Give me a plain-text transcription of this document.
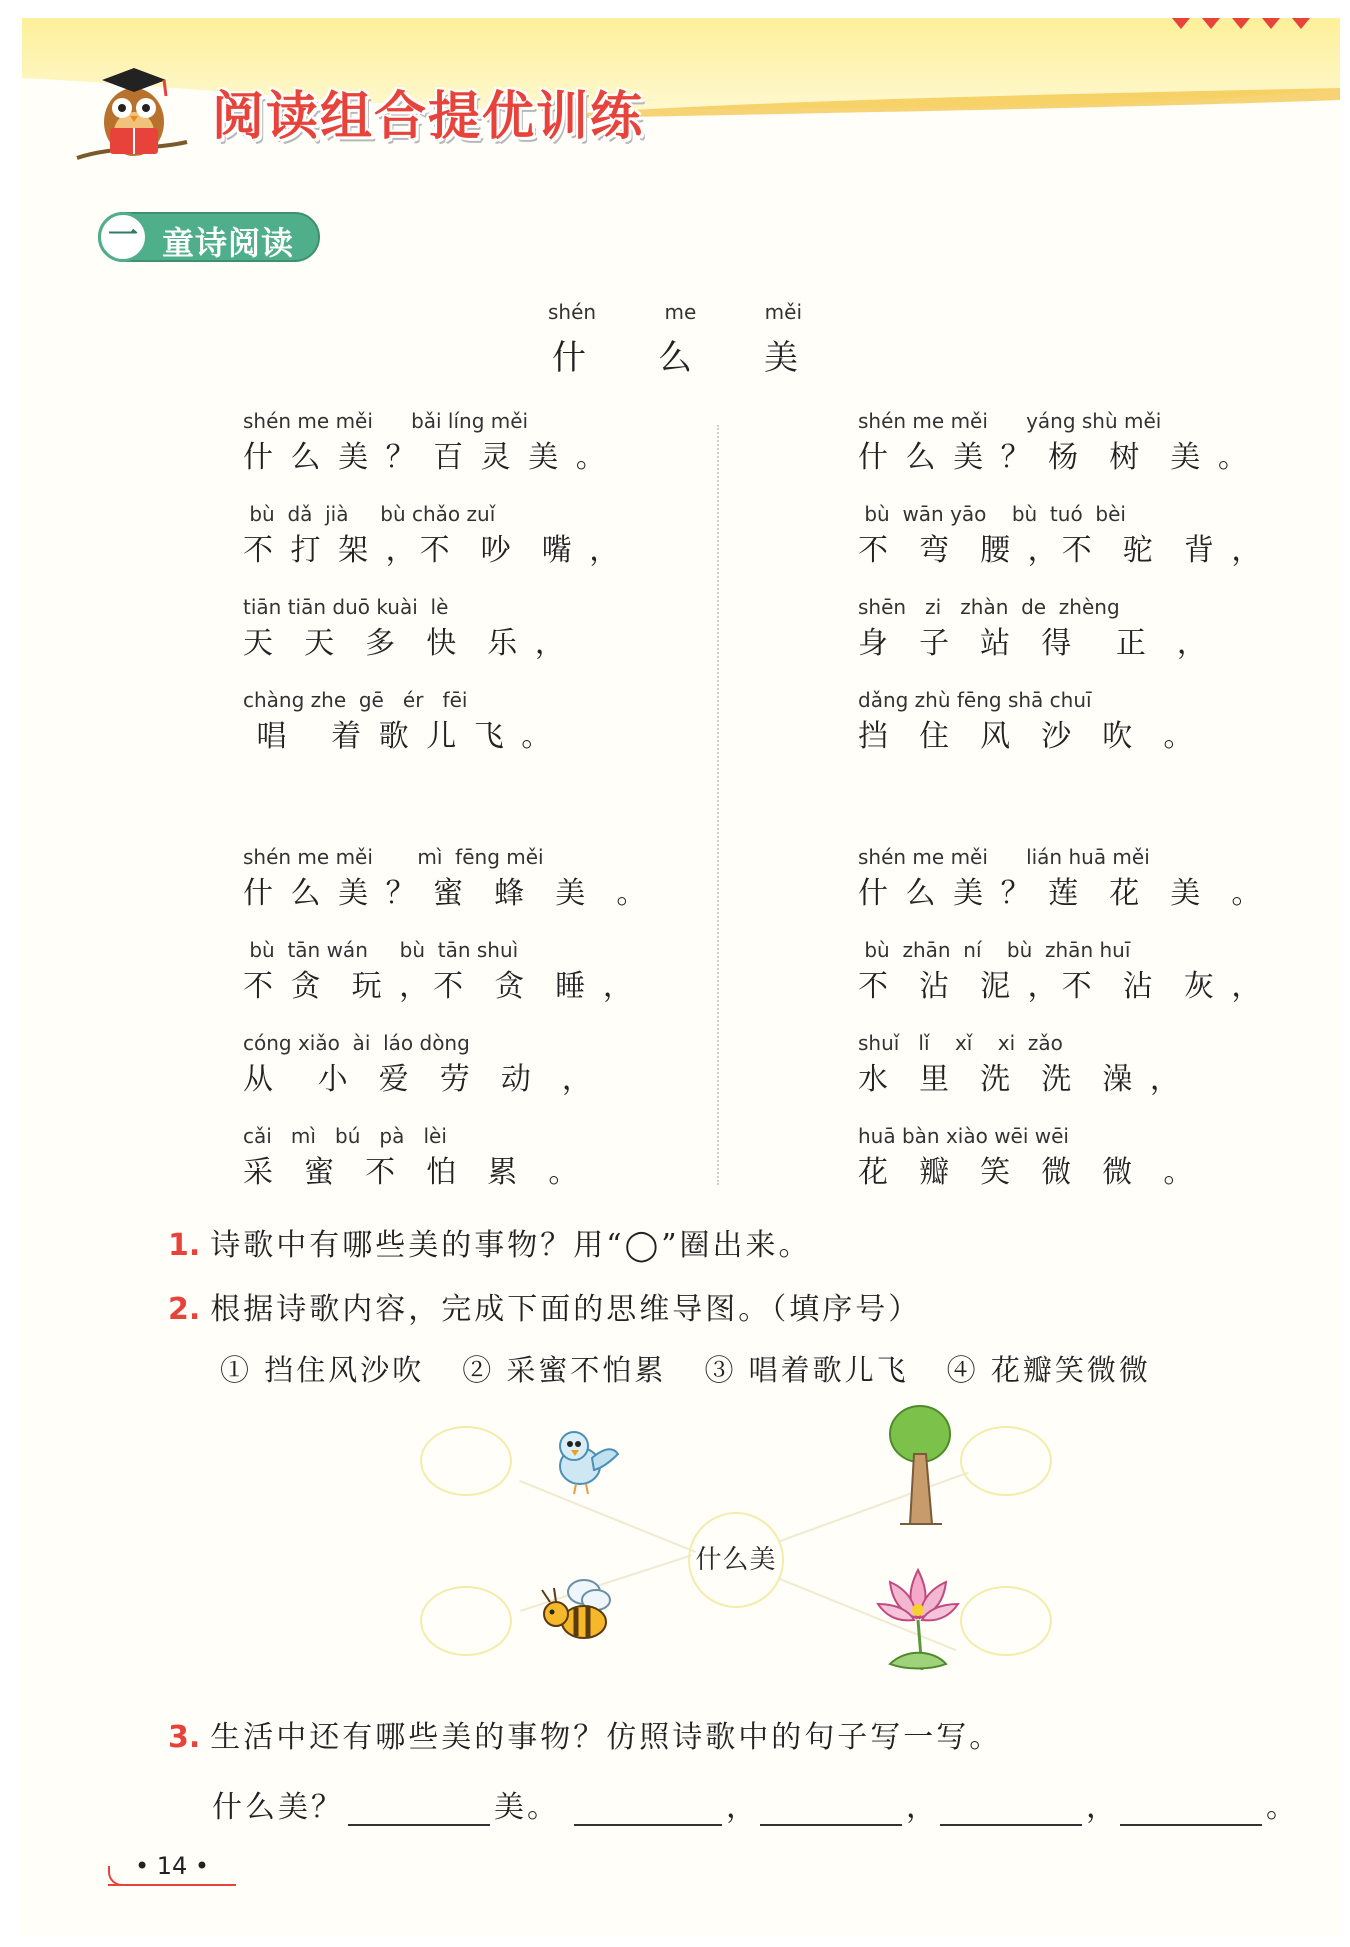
阅读组合提优训练
一 童诗阅读
shén	me	měi
什 么 美
shén me měi      bǎi líng měi
什 么 美 ？ 百 灵 美 。
bù  dǎ  jià     bù chǎo zuǐ
不 打 架 ，不  吵  嘴 ，
tiān tiān duō kuài  lè
天  天  多  快  乐 ，
chàng zhe  gē   ér   fēi
唱   着 歌 儿 飞 。
shén me měi      yáng shù měi
什 么 美 ？ 杨  树  美 。
bù  wān yāo    bù  tuó  bèi
不  弯  腰 ，不  驼  背 ，
shēn   zi   zhàn  de  zhèng
身  子  站  得   正  ，
dǎng zhù fēng shā chuī
挡  住  风  沙  吹  。
shén me měi       mì  fēng měi
什 么 美 ？ 蜜  蜂  美  。
bù  tān wán     bù  tān shuì
不 贪  玩 ，不  贪  睡 ，
cóng xiǎo  ài  láo dòng
从   小  爱  劳  动  ，
cǎi   mì   bú   pà   lèi
采  蜜  不  怕  累  。
shén me měi      lián huā měi
什 么 美 ？ 莲  花  美  。
bù  zhān  ní    bù  zhān huī
不  沾  泥 ，不  沾  灰 ，
shuǐ   lǐ    xǐ    xi  zǎo
水  里  洗  洗  澡 ，
huā bàn xiào wēi wēi
花  瓣  笑  微  微  。
1. 诗歌中有哪些美的事物？用“◯”圈出来。
2. 根据诗歌内容，完成下面的思维导图。（填序号）
① 挡住风沙吹 ② 采蜜不怕累 ③ 唱着歌儿飞 ④ 花瓣笑微微
什么美
3. 生活中还有哪些美的事物？仿照诗歌中的句子写一写。
什么美？	美。	，	，	，	。
• 14 •
